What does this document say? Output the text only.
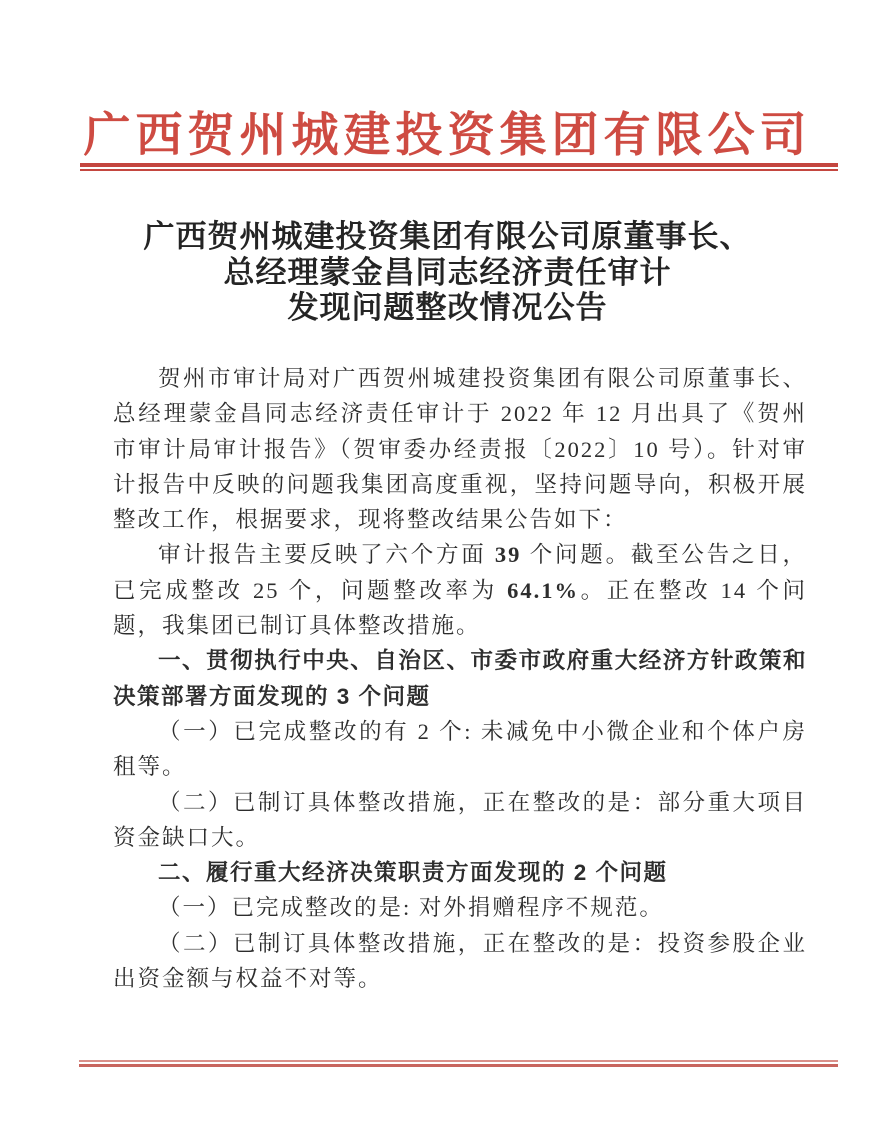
广西贺州城建投资集团有限公司
广西贺州城建投资集团有限公司原董事长、
总经理蒙金昌同志经济责任审计
发现问题整改情况公告

贺州市审计局对广西贺州城建投资集团有限公司原董事长、总经理蒙金昌同志经济责任审计于 2022 年 12 月出具了《贺州市审计局审计报告》（贺审委办经责报〔2022〕10 号）。针对审计报告中反映的问题我集团高度重视，坚持问题导向，积极开展整改工作，根据要求，现将整改结果公告如下：

审计报告主要反映了六个方面 39 个问题。截至公告之日，已完成整改 25 个，问题整改率为 64.1%。正在整改 14 个问题，我集团已制订具体整改措施。

一、贯彻执行中央、自治区、市委市政府重大经济方针政策和决策部署方面发现的 3 个问题

（一）已完成整改的有 2 个: 未减免中小微企业和个体户房租等。

（二）已制订具体整改措施，正在整改的是：部分重大项目资金缺口大。

二、履行重大经济决策职责方面发现的 2 个问题

（一）已完成整改的是: 对外捐赠程序不规范。

（二）已制订具体整改措施，正在整改的是：投资参股企业出资金额与权益不对等。
